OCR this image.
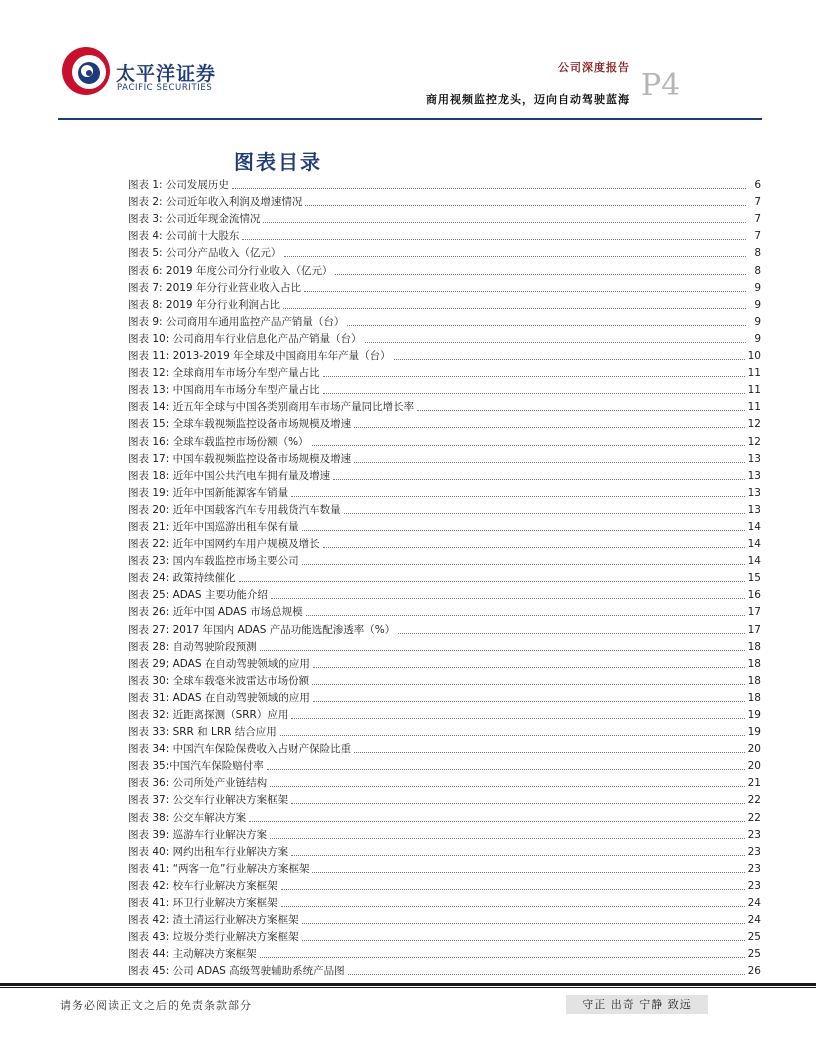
太平洋证券
PACIFIC SECURITIES
公司深度报告
商用视频监控龙头，迈向自动驾驶蓝海 P4
图表目录
图表 1: 公司发展历史	6
图表 2: 公司近年收入利润及增速情况	7
图表 3: 公司近年现金流情况	7
图表 4: 公司前十大股东	7
图表 5: 公司分产品收入（亿元）	8
图表 6: 2019 年度公司分行业收入（亿元）	8
图表 7: 2019 年分行业营业收入占比	9
图表 8: 2019 年分行业利润占比	9
图表 9: 公司商用车通用监控产品产销量（台）	9
图表 10: 公司商用车行业信息化产品产销量（台）	9
图表 11: 2013-2019 年全球及中国商用车年产量（台）	10
图表 12: 全球商用车市场分车型产量占比	11
图表 13: 中国商用车市场分车型产量占比	11
图表 14: 近五年全球与中国各类别商用车市场产量同比增长率	11
图表 15: 全球车载视频监控设备市场规模及增速	12
图表 16: 全球车载监控市场份额（%）	12
图表 17: 中国车载视频监控设备市场规模及增速	13
图表 18: 近年中国公共汽电车拥有量及增速	13
图表 19: 近年中国新能源客车销量	13
图表 20: 近年中国载客汽车专用载货汽车数量	13
图表 21: 近年中国巡游出租车保有量	14
图表 22: 近年中国网约车用户规模及增长	14
图表 23: 国内车载监控市场主要公司	14
图表 24: 政策持续催化	15
图表 25: ADAS 主要功能介绍	16
图表 26: 近年中国 ADAS 市场总规模	17
图表 27: 2017 年国内 ADAS 产品功能选配渗透率（%）	17
图表 28: 自动驾驶阶段预测	18
图表 29; ADAS 在自动驾驶领域的应用	18
图表 30: 全球车载毫米波雷达市场份额	18
图表 31: ADAS 在自动驾驶领域的应用	18
图表 32: 近距离探测（SRR）应用	19
图表 33: SRR 和 LRR 结合应用	19
图表 34: 中国汽车保险保费收入占财产保险比重	20
图表 35:中国汽车保险赔付率	20
图表 36: 公司所处产业链结构	21
图表 37: 公交车行业解决方案框架	22
图表 38: 公交车解决方案	22
图表 39: 巡游车行业解决方案	23
图表 40: 网约出租车行业解决方案	23
图表 41: “两客一危”行业解决方案框架	23
图表 42: 校车行业解决方案框架	23
图表 41: 环卫行业解决方案框架	24
图表 42: 渣土清运行业解决方案框架	24
图表 43: 垃圾分类行业解决方案框架	25
图表 44: 主动解决方案框架	25
图表 45: 公司 ADAS 高级驾驶辅助系统产品图	26
请务必阅读正文之后的免责条款部分	守正 出奇 宁静 致远
